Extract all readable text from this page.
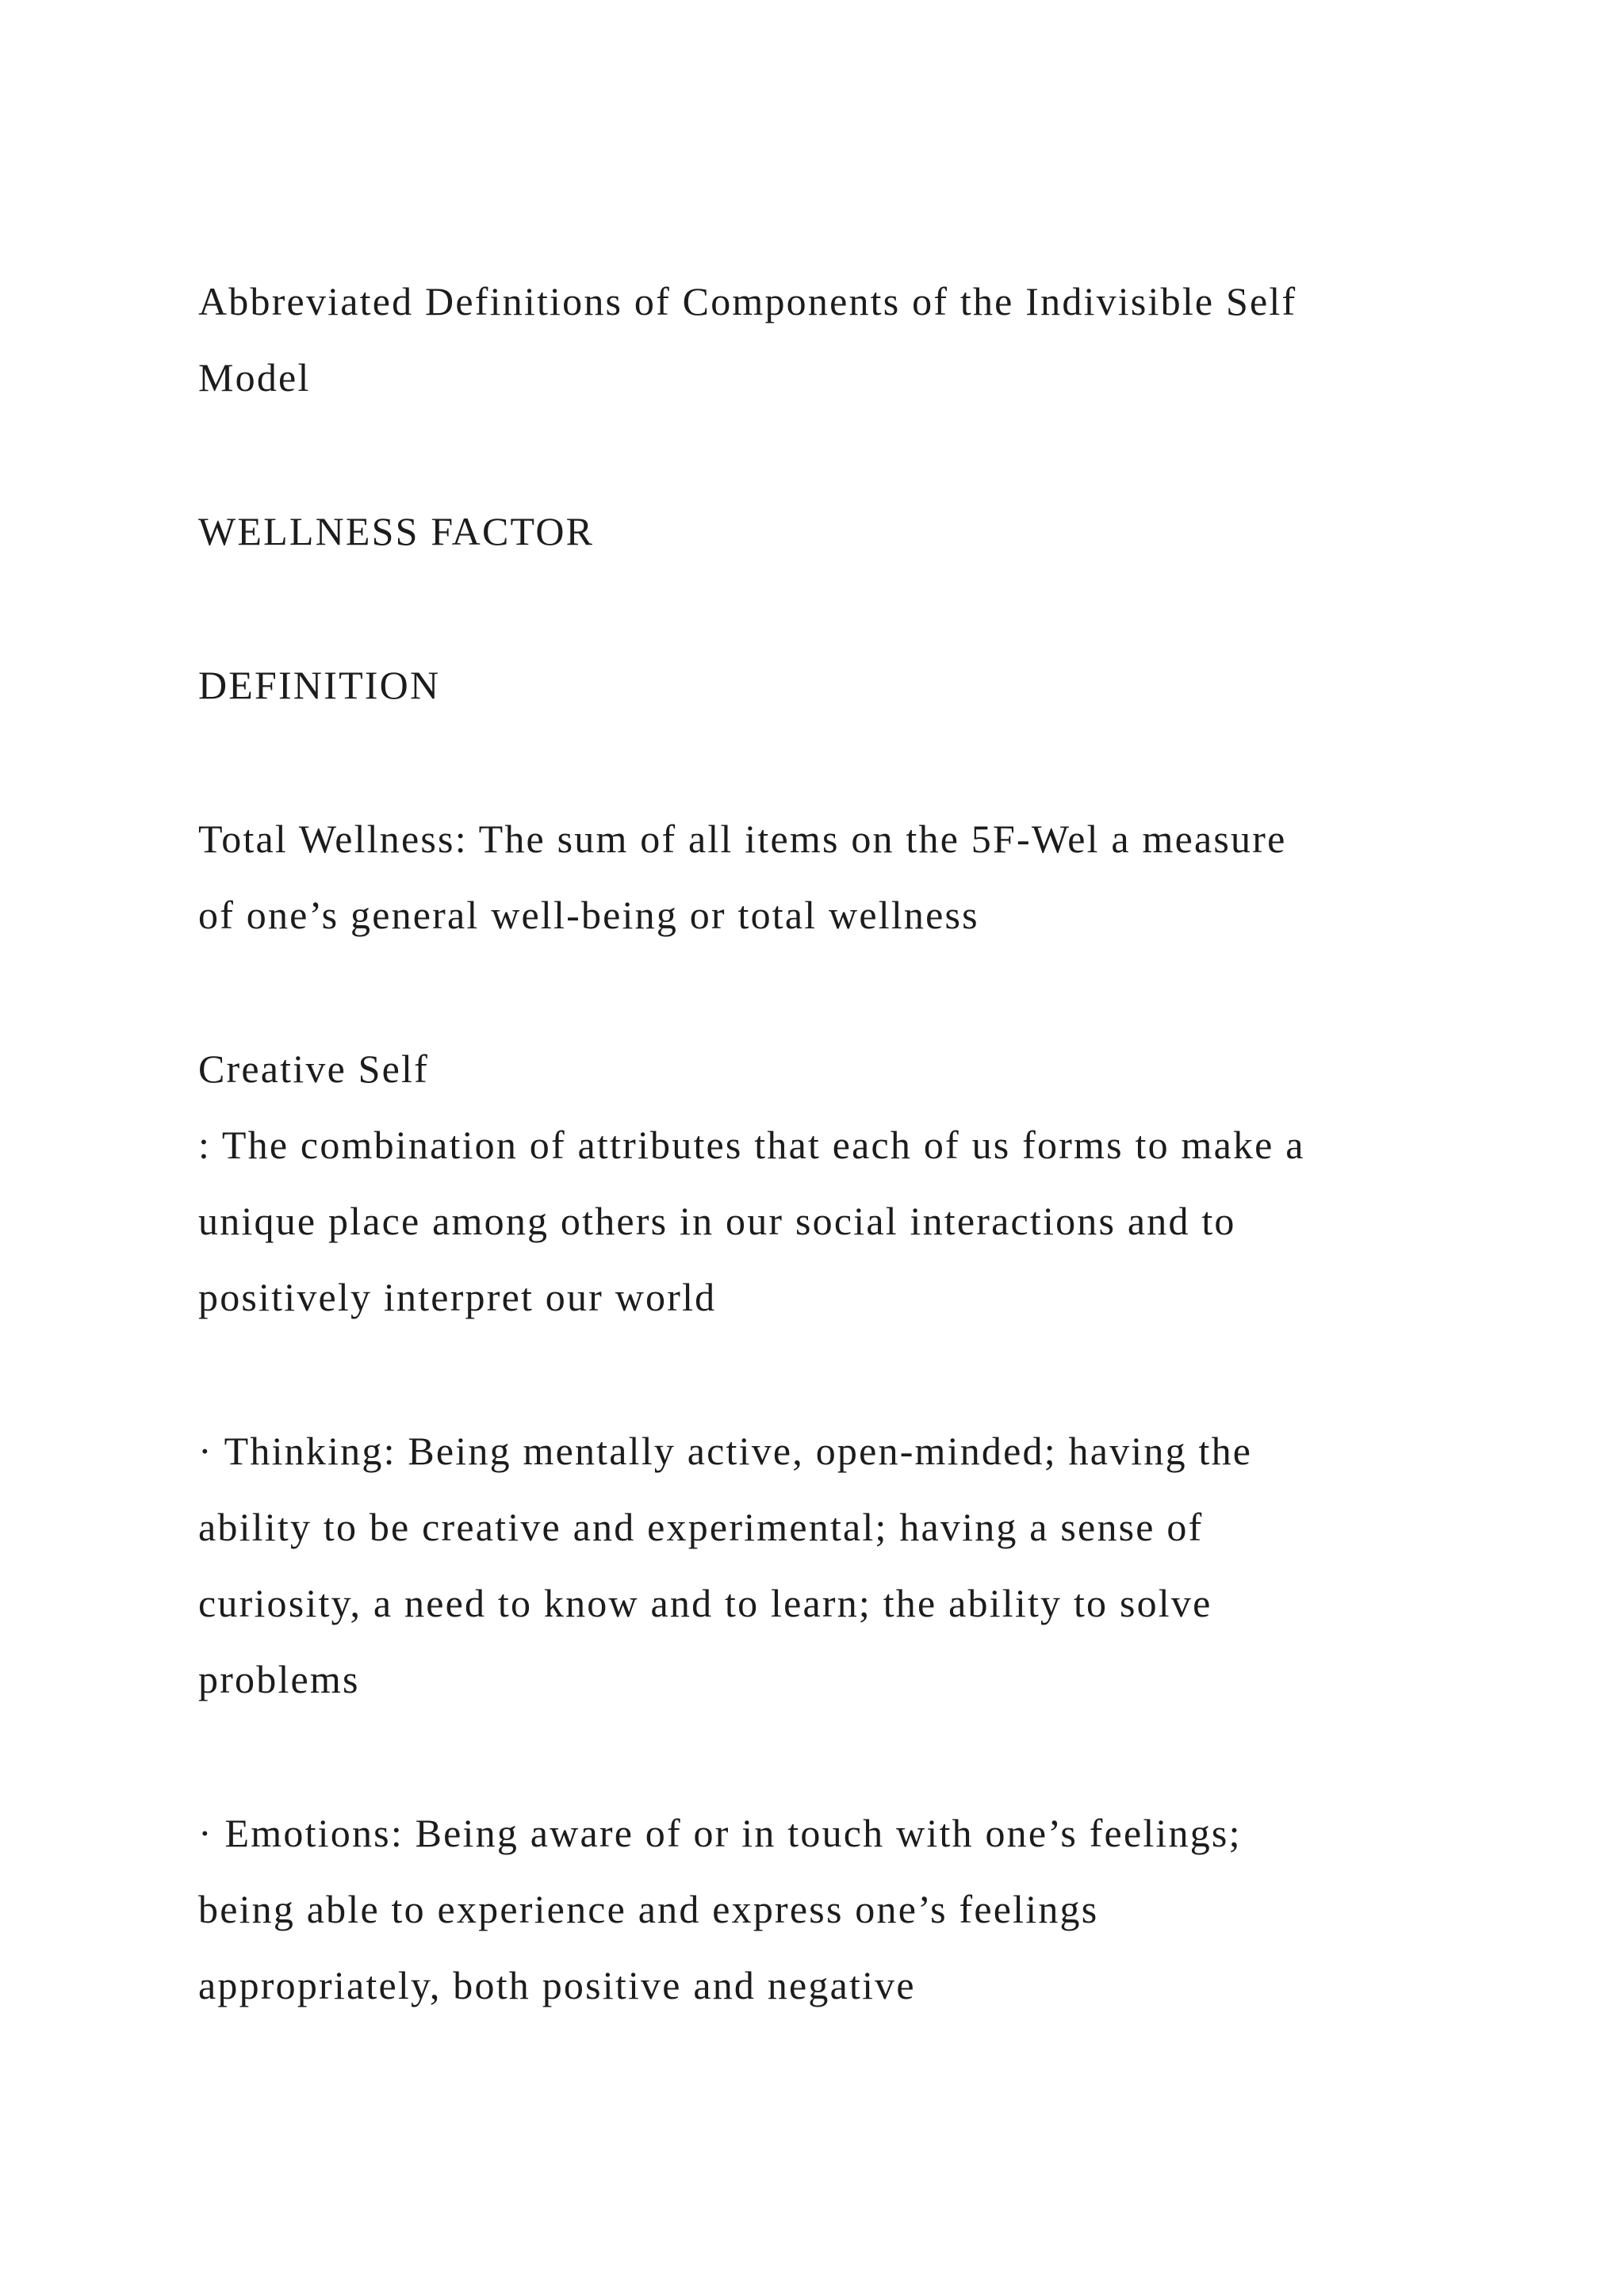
Abbreviated Definitions of Components of the Indivisible Self

Model

WELLNESS FACTOR

DEFINITION

Total Wellness: The sum of all items on the 5F-Wel a measure

of one’s general well-being or total wellness

Creative Self

: The combination of attributes that each of us forms to make a

unique place among others in our social interactions and to

positively interpret our world

· Thinking: Being mentally active, open-minded; having the

ability to be creative and experimental; having a sense of

curiosity, a need to know and to learn; the ability to solve

problems

· Emotions: Being aware of or in touch with one’s feelings;

being able to experience and express one’s feelings

appropriately, both positive and negative
